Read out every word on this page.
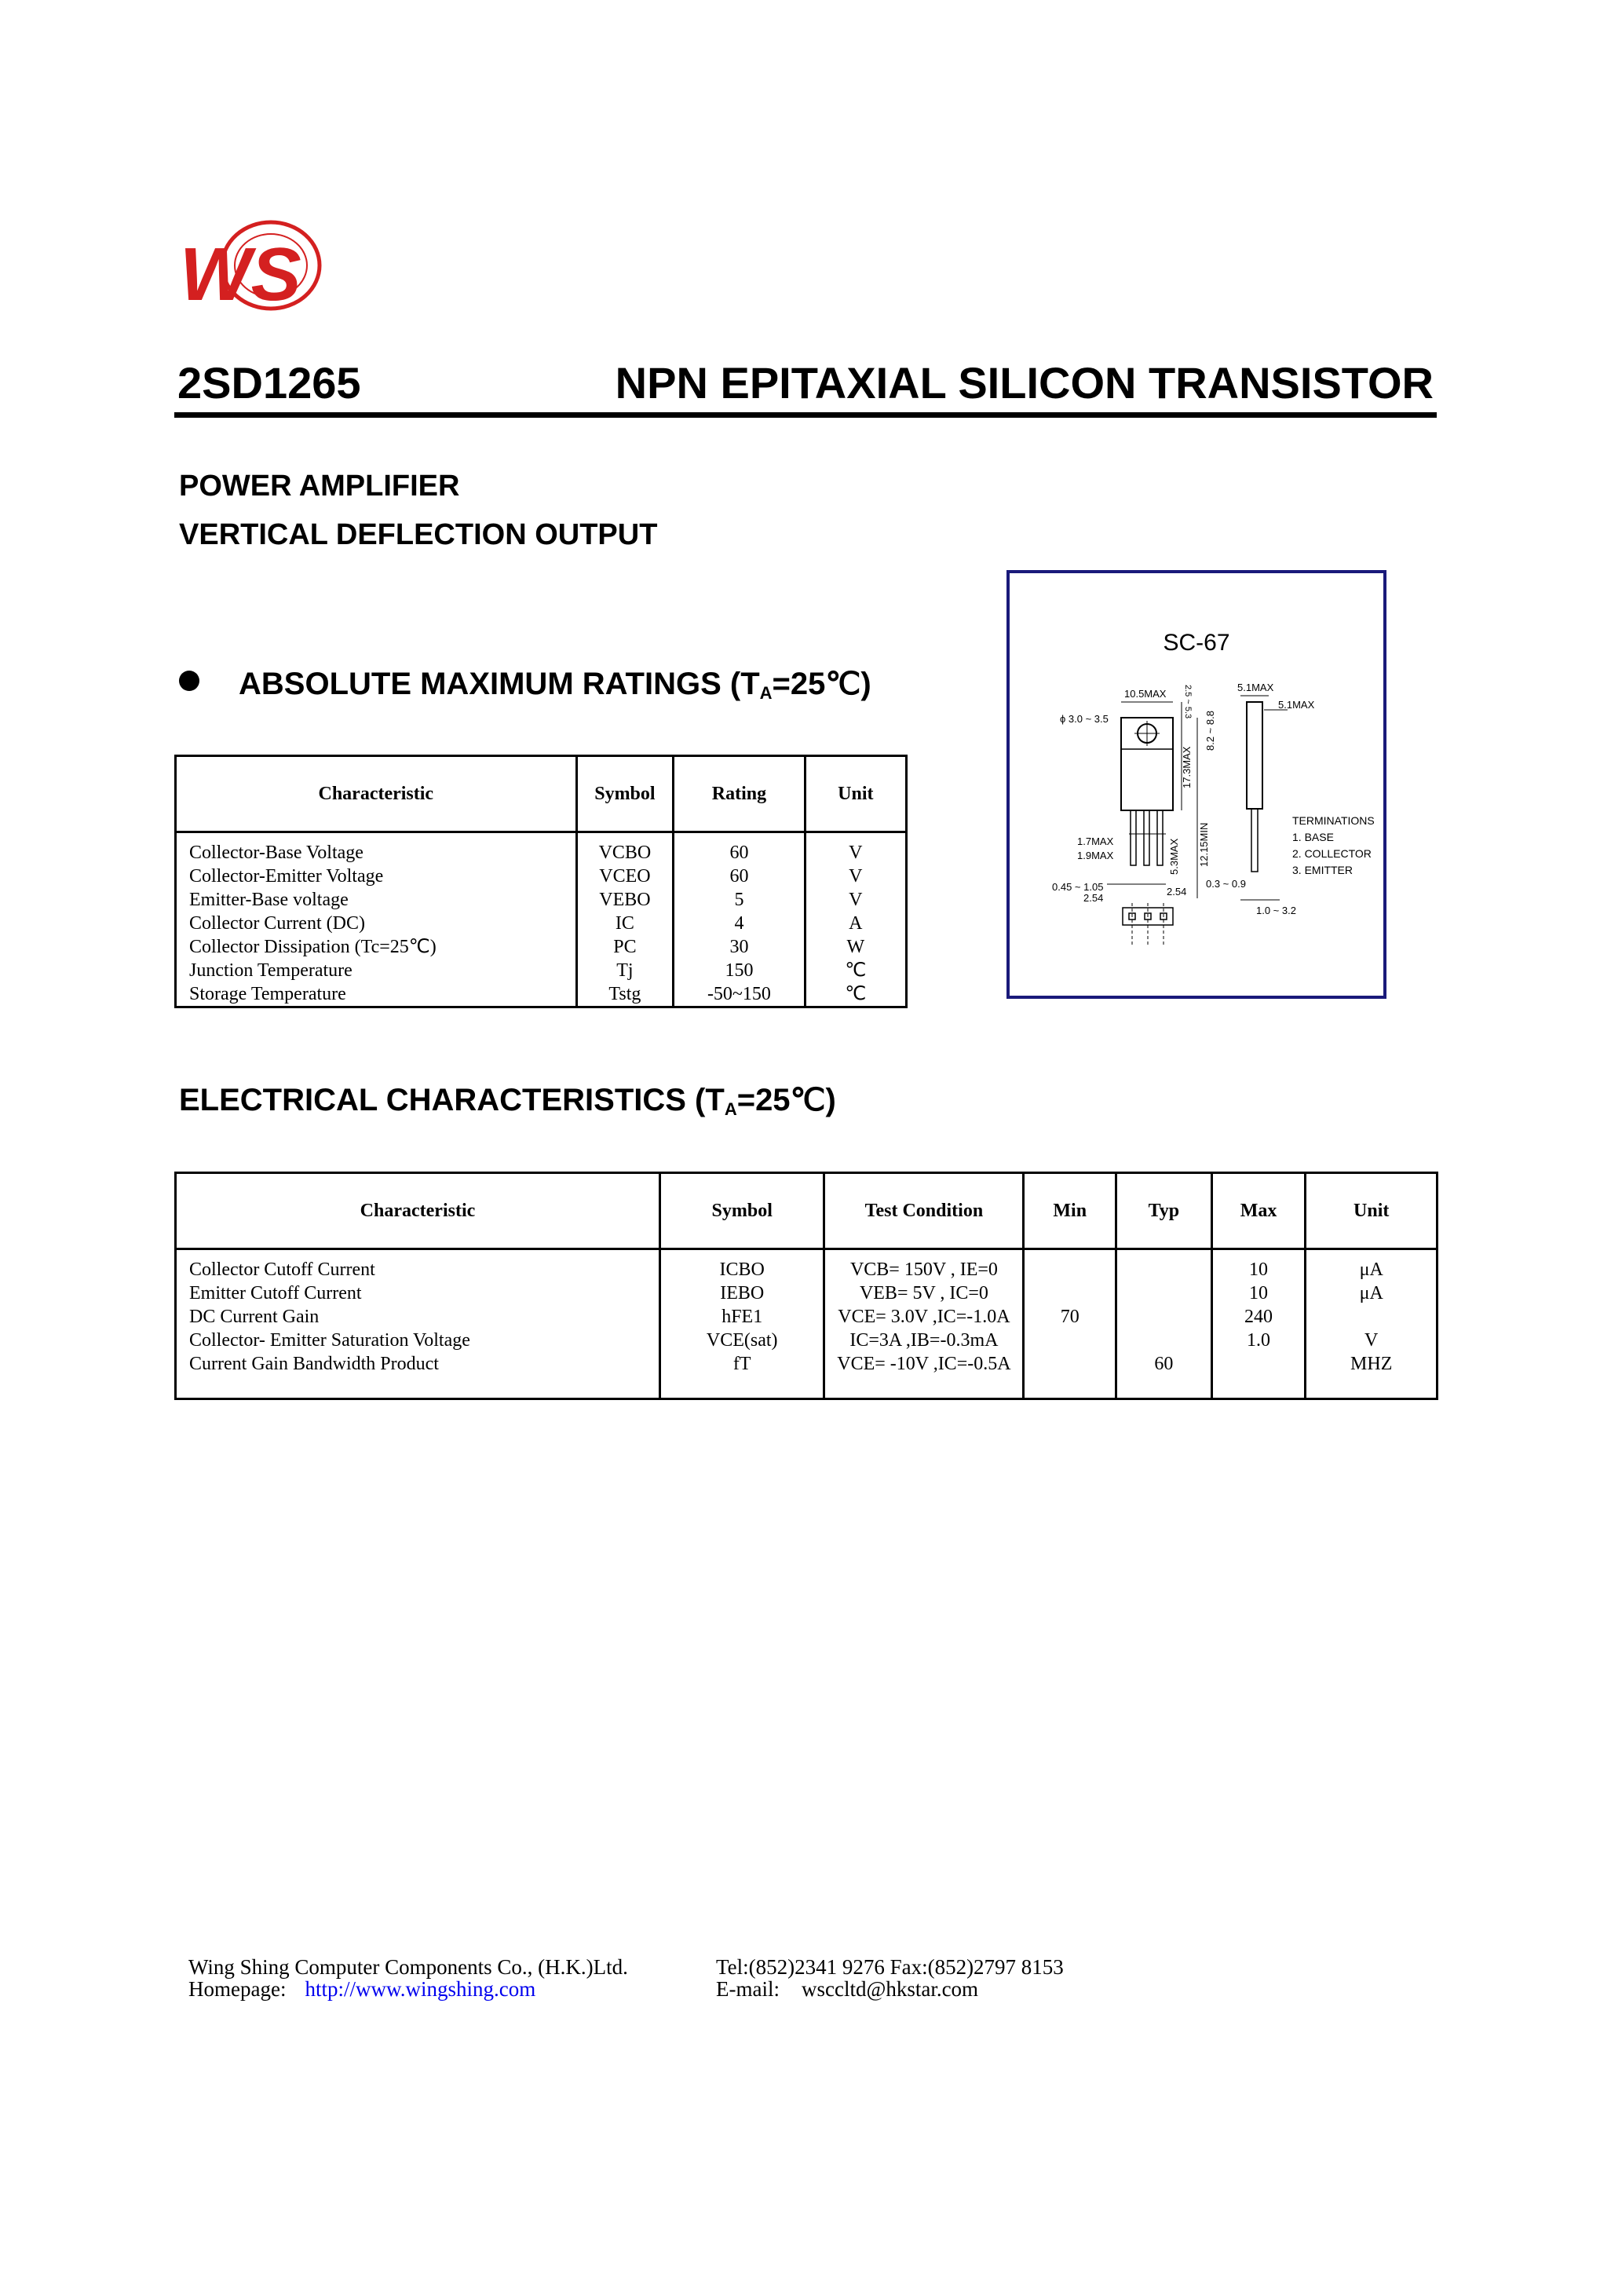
WS
2SD1265	NPN EPITAXIAL SILICON TRANSISTOR
POWER AMPLIFIER
VERTICAL DEFLECTION OUTPUT
ABSOLUTE MAXIMUM RATINGS $(T_A=25℃)$
SC-67
10.5MAX
5.1MAX
ϕ 3.0 ~ 3.5
2.5 ~ 5.3	5.1MAX
8.2 ~ 8.8
17.3MAX
1.7MAX
1.9MAX	5.3MAX 12.15MIN
0.45 ~ 1.05
2.54
2.54
0.3 ~ 0.9
1.0 ~ 3.2
TERMINATIONS
1. BASE
2. COLLECTOR
3. EMITTER
Characteristic	Symbol	Rating	Unit
Collector-Base Voltage	VCBO	60	V
Collector-Emitter Voltage	VCEO	60	V
Emitter-Base voltage	VEBO	5	V
Collector Current (DC)	IC	4	A
Collector Dissipation (Tc=25℃)	PC	30	W
Junction Temperature	Tj	150	℃
Storage Temperature	Tstg	-50~150	℃
ELECTRICAL CHARACTERISTICS $(T_A=25℃)$
Characteristic	Symbol	Test Condition	Min	Typ	Max	Unit
Collector Cutoff Current	ICBO	VCB= 150V , IE=0			10	μA
Emitter Cutoff Current	IEBO	VEB= 5V , IC=0			10	μA
DC Current Gain	hFE1	VCE= 3.0V ,IC=-1.0A	70		240	
Collector- Emitter Saturation Voltage	VCE(sat)	IC=3A ,IB=-0.3mA			1.0	V
Current Gain Bandwidth Product	fT	VCE= -10V ,IC=-0.5A		60		MHZ
Wing Shing Computer Components Co., (H.K.)Ltd.
Homepage: http://www.wingshing.com
Tel:(852)2341 9276 Fax:(852)2797 8153
E-mail: wsccltd@hkstar.com
